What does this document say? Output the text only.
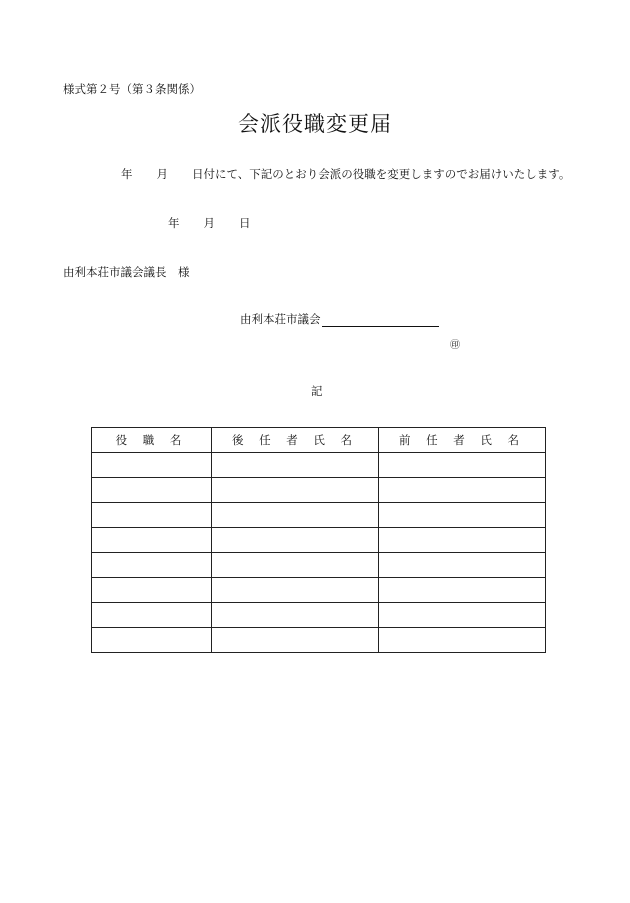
様式第２号（第３条関係）
会派役職変更届
年 月 日付にて、下記のとおり会派の役職を変更しますのでお届けいたします。
年 月 日
由利本荘市議会議長　様
由利本荘市議会
㊞
記
役 職 名	後 任 者 氏 名	前 任 者 氏 名
